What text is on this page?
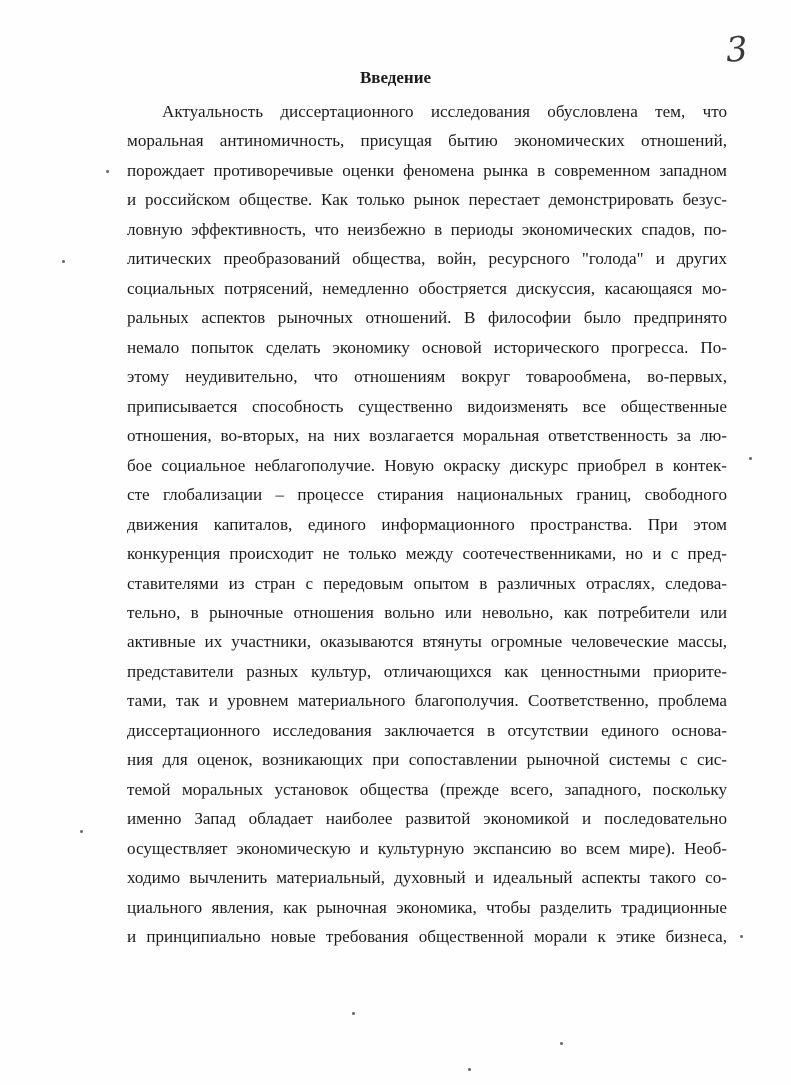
3
Введение
Актуальность диссертационного исследования обусловлена тем, что
моральная антиномичность, присущая бытию экономических отношений,
порождает противоречивые оценки феномена рынка в современном западном
и российском обществе. Как только рынок перестает демонстрировать безус-
ловную эффективность, что неизбежно в периоды экономических спадов, по-
литических преобразований общества, войн, ресурсного "голода" и других
социальных потрясений, немедленно обостряется дискуссия, касающаяся мо-
ральных аспектов рыночных отношений. В философии было предпринято
немало попыток сделать экономику основой исторического прогресса. По-
этому неудивительно, что отношениям вокруг товарообмена, во-первых,
приписывается способность существенно видоизменять все общественные
отношения, во-вторых, на них возлагается моральная ответственность за лю-
бое социальное неблагополучие. Новую окраску дискурс приобрел в контек-
сте глобализации – процессе стирания национальных границ, свободного
движения капиталов, единого информационного пространства. При этом
конкуренция происходит не только между соотечественниками, но и с пред-
ставителями из стран с передовым опытом в различных отраслях, следова-
тельно, в рыночные отношения вольно или невольно, как потребители или
активные их участники, оказываются втянуты огромные человеческие массы,
представители разных культур, отличающихся как ценностными приорите-
тами, так и уровнем материального благополучия. Соответственно, проблема
диссертационного исследования заключается в отсутствии единого основа-
ния для оценок, возникающих при сопоставлении рыночной системы с сис-
темой моральных установок общества (прежде всего, западного, поскольку
именно Запад обладает наиболее развитой экономикой и последовательно
осуществляет экономическую и культурную экспансию во всем мире). Необ-
ходимо вычленить материальный, духовный и идеальный аспекты такого со-
циального явления, как рыночная экономика, чтобы разделить традиционные
и принципиально новые требования общественной морали к этике бизнеса,
